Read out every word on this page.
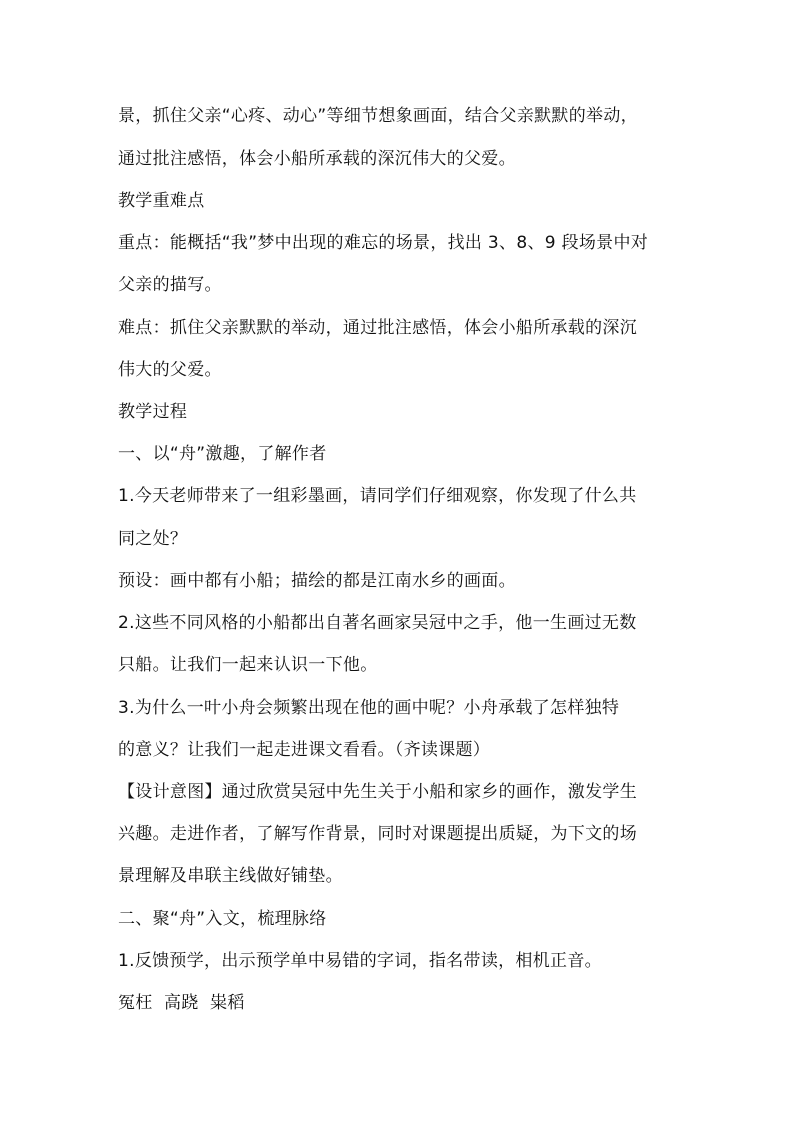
景，抓住父亲“心疼、动心”等细节想象画面，结合父亲默默的举动，
通过批注感悟，体会小船所承载的深沉伟大的父爱。
教学重难点
重点：能概括“我”梦中出现的难忘的场景，找出 3、8、9 段场景中对
父亲的描写。
难点：抓住父亲默默的举动，通过批注感悟，体会小船所承载的深沉
伟大的父爱。
教学过程
一、以“舟”激趣，了解作者
1.今天老师带来了一组彩墨画，请同学们仔细观察，你发现了什么共
同之处？
预设：画中都有小船；描绘的都是江南水乡的画面。
2.这些不同风格的小船都出自著名画家吴冠中之手，他一生画过无数
只船。让我们一起来认识一下他。
3.为什么一叶小舟会频繁出现在他的画中呢？小舟承载了怎样独特
的意义？让我们一起走进课文看看。（齐读课题）
【设计意图】通过欣赏吴冠中先生关于小船和家乡的画作，激发学生
兴趣。走进作者，了解写作背景，同时对课题提出质疑，为下文的场
景理解及串联主线做好铺垫。
二、聚“舟”入文，梳理脉络
1.反馈预学，出示预学单中易错的字词，指名带读，相机正音。
冤枉  高跷  粜稻
